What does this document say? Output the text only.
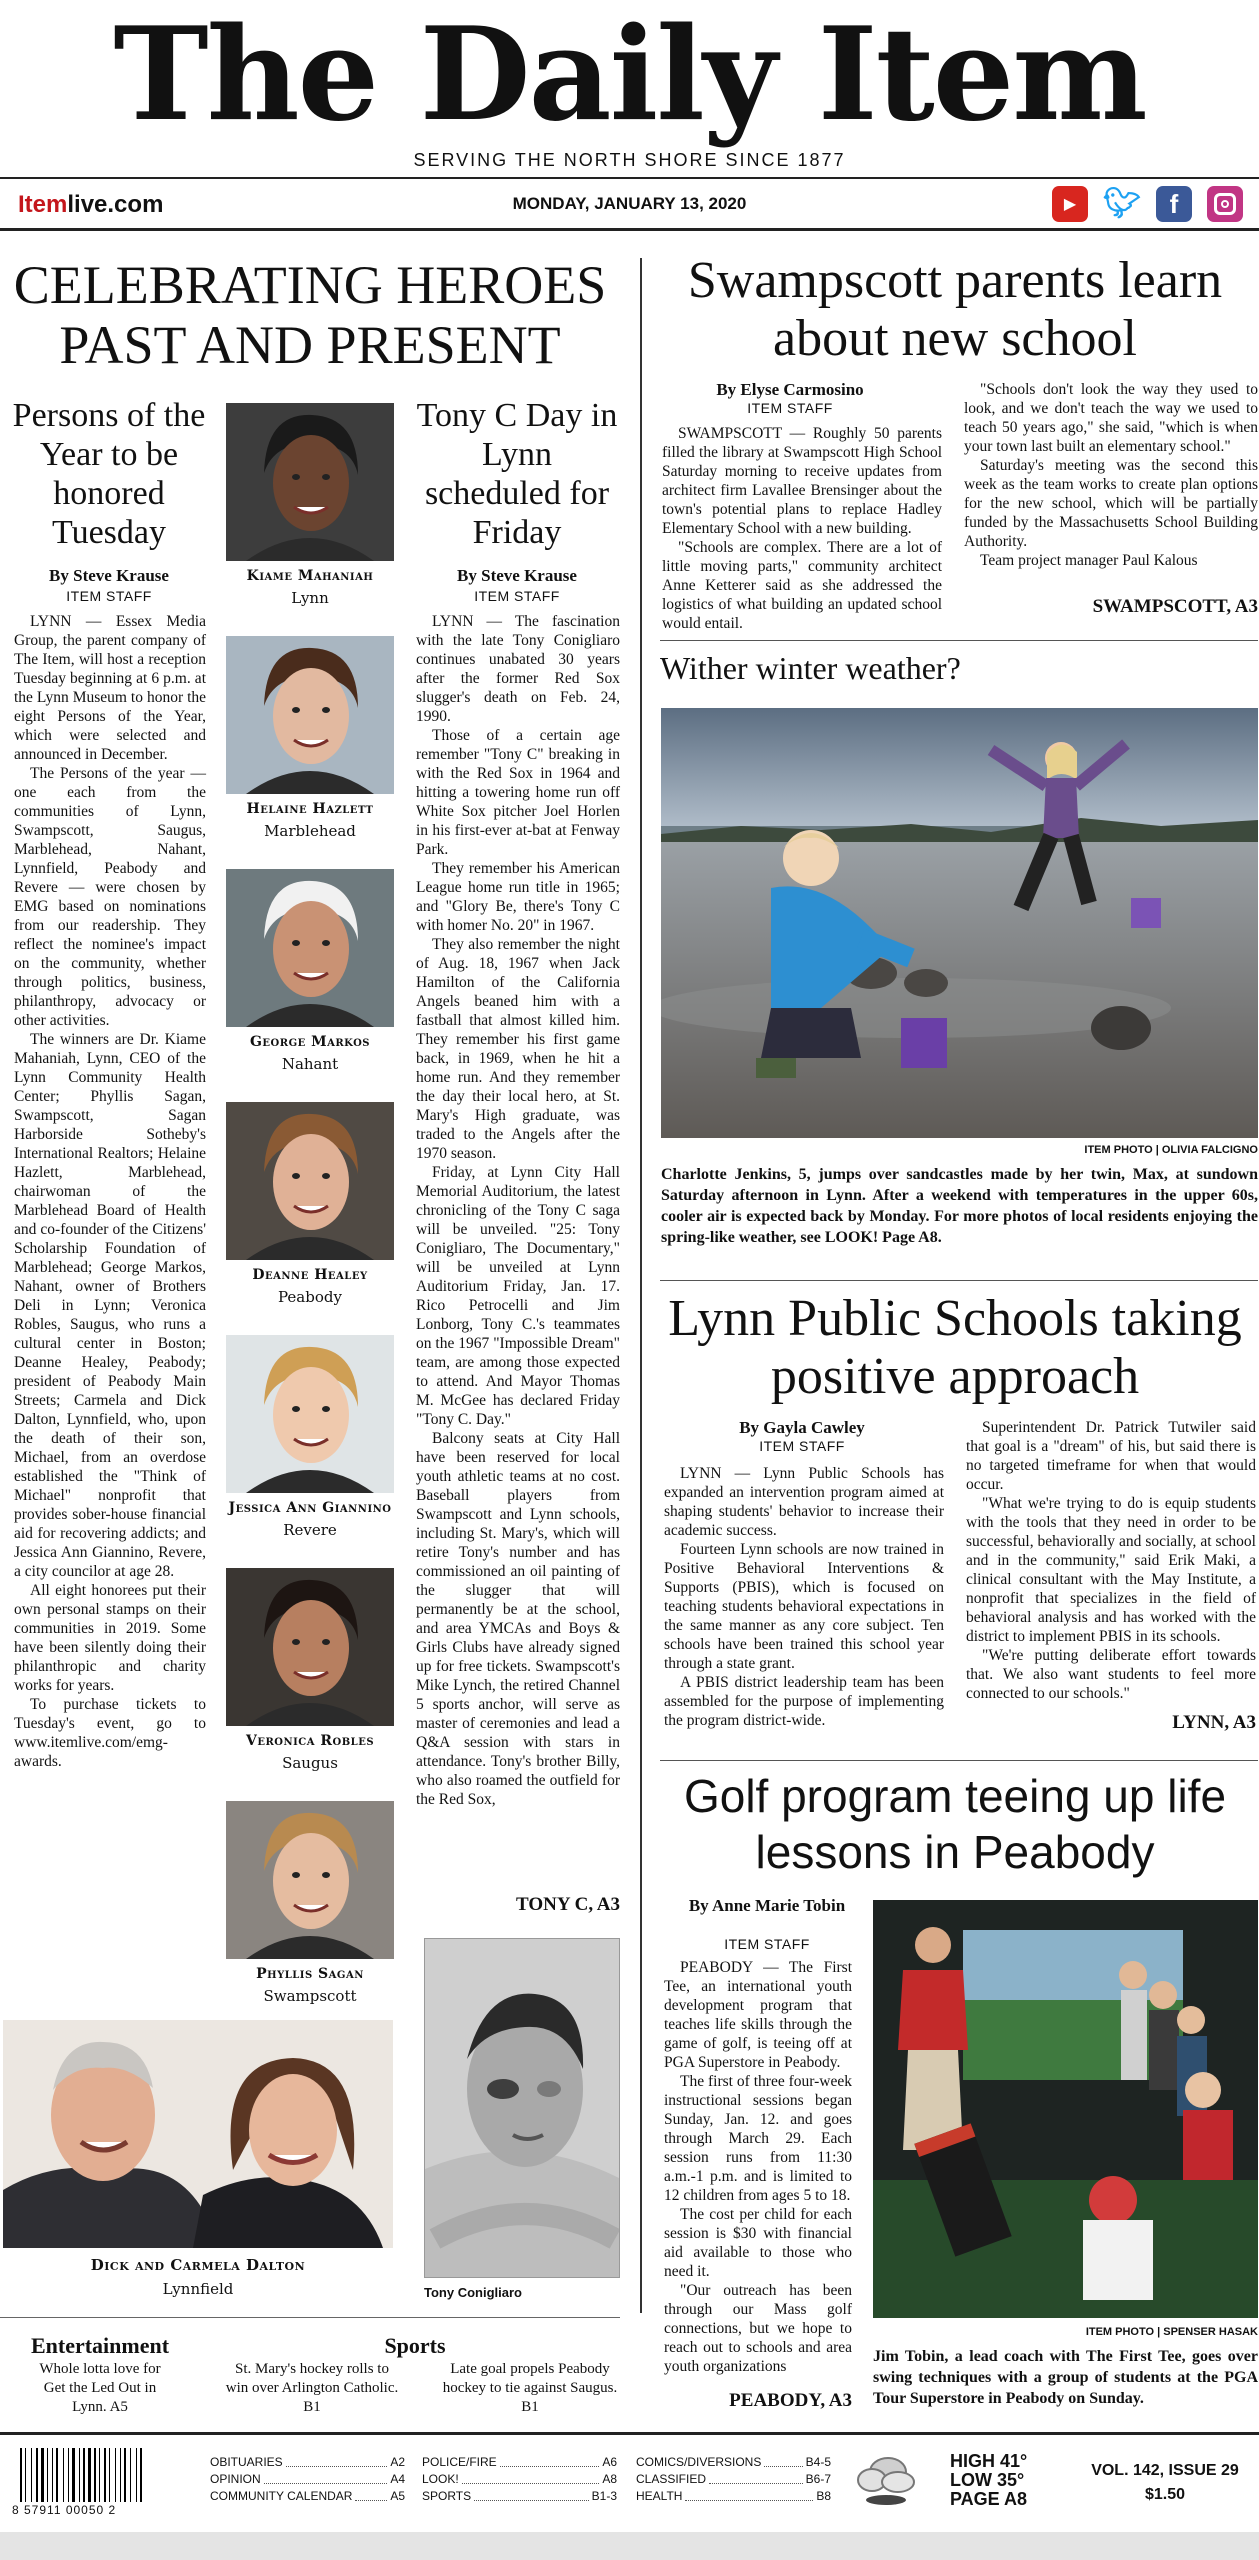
The Daily Item
SERVING THE NORTH SHORE SINCE 1877
Itemlive.com	MONDAY, JANUARY 13, 2020	▶ 🐦︎	f
CELEBRATING HEROES PAST AND PRESENT
Persons of the Year to be honored Tuesday
By Steve Krause
ITEM STAFF

LYNN — Essex Media Group, the parent company of The Item, will host a reception Tuesday beginning at 6 p.m. at the Lynn Museum to honor the eight Persons of the Year, which were selected and announced in December.

The Persons of the year — one each from the communities of Lynn, Swampscott, Saugus, Marblehead, Nahant, Lynnfield, Peabody and Revere — were chosen by EMG based on nominations from our readership. They reflect the nominee's impact on the community, whether through politics, business, philanthropy, advocacy or other activities.

The winners are Dr. Kiame Mahaniah, Lynn, CEO of the Lynn Community Health Center; Phyllis Sagan, Swampscott, Sagan Harborside Sotheby's International Realtors; Helaine Hazlett, Marblehead, chairwoman of the Marblehead Board of Health and co-founder of the Citizens' Scholarship Foundation of Marblehead; George Markos, Nahant, owner of Brothers Deli in Lynn; Veronica Robles, Saugus, who runs a cultural center in Boston; Deanne Healey, Peabody; president of Peabody Main Streets; Carmela and Dick Dalton, Lynnfield, who, upon the death of their son, Michael, from an overdose established the "Think of Michael" nonprofit that provides sober-house financial aid for recovering addicts; and Jessica Ann Giannino, Revere, a city councilor at age 28.

All eight honorees put their own personal stamps on their communities in 2019. Some have been silently doing their philanthropic and charity works for years.

To purchase tickets to Tuesday's event, go to www.itemlive.com/emg-awards.

Kiame Mahaniah
Lynn
Helaine Hazlett
Marblehead
George Markos
Nahant
Deanne Healey
Peabody
Jessica Ann Giannino
Revere
Veronica Robles
Saugus
Phyllis Sagan
Swampscott
Tony C Day in Lynn scheduled for Friday
By Steve Krause
ITEM STAFF

LYNN — The fascination with the late Tony Conigliaro continues unabated 30 years after the former Red Sox slugger's death on Feb. 24, 1990.

Those of a certain age remember "Tony C" breaking in with the Red Sox in 1964 and hitting a towering home run off White Sox pitcher Joel Horlen in his first-ever at-bat at Fenway Park.

They remember his American League home run title in 1965; and "Glory Be, there's Tony C with homer No. 20" in 1967.

They also remember the night of Aug. 18, 1967 when Jack Hamilton of the California Angels beaned him with a fastball that almost killed him. They remember his first game back, in 1969, when he hit a home run. And they remember the day their local hero, at St. Mary's High graduate, was traded to the Angels after the 1970 season.

Friday, at Lynn City Hall Memorial Auditorium, the latest chronicling of the Tony C saga will be unveiled. "25: Tony Conigliaro, The Documentary," will be unveiled at Lynn Auditorium Friday, Jan. 17. Rico Petrocelli and Jim Lonborg, Tony C.'s teammates on the 1967 "Impossible Dream" team, are among those expected to attend. And Mayor Thomas M. McGee has declared Friday "Tony C. Day."

Balcony seats at City Hall have been reserved for local youth athletic teams at no cost. Baseball players from Swampscott and Lynn schools, including St. Mary's, which will retire Tony's number and has commissioned an oil painting of the slugger that will permanently be at the school, and area YMCAs and Boys & Girls Clubs have already signed up for free tickets. Swampscott's Mike Lynch, the retired Channel 5 sports anchor, will serve as master of ceremonies and lead a Q&A session with stars in attendance. Tony's brother Billy, who also roamed the outfield for the Red Sox,

TONY C, A3
Tony Conigliaro
Dick and Carmela Dalton
Lynnfield
Entertainment
Whole lotta love for Get the Led Out in Lynn. A5
Sports
St. Mary's hockey rolls to win over Arlington Catholic. B1
Late goal propels Peabody hockey to tie against Saugus. B1
Swampscott parents learn about new school
By Elyse Carmosino
ITEM STAFF

SWAMPSCOTT — Roughly 50 parents filled the library at Swampscott High School Saturday morning to receive updates from architect firm Lavallee Brensinger about the town's potential plans to replace Hadley Elementary School with a new building.

"Schools are complex. There are a lot of little moving parts," community architect Anne Ketterer said as she addressed the logistics of what building an updated school would entail.

"Schools don't look the way they used to look, and we don't teach the way we used to teach 50 years ago," she said, "which is when your town last built an elementary school."

Saturday's meeting was the second this week as the team works to create plan options for the new school, which will be partially funded by the Massachusetts School Building Authority.

Team project manager Paul Kalous

SWAMPSCOTT, A3
Wither winter weather?
ITEM PHOTO | OLIVIA FALCIGNO
Charlotte Jenkins, 5, jumps over sandcastles made by her twin, Max, at sundown Saturday afternoon in Lynn. After a weekend with temperatures in the upper 60s, cooler air is expected back by Monday. For more photos of local residents enjoying the spring-like weather, see LOOK! Page A8.
Lynn Public Schools taking positive approach
By Gayla Cawley
ITEM STAFF

LYNN — Lynn Public Schools has expanded an intervention program aimed at shaping students' behavior to increase their academic success.

Fourteen Lynn schools are now trained in Positive Behavioral Interventions & Supports (PBIS), which is focused on teaching students behavioral expectations in the same manner as any core subject. Ten schools have been trained this school year through a state grant.

A PBIS district leadership team has been assembled for the purpose of implementing the program district-wide.

Superintendent Dr. Patrick Tutwiler said that goal is a "dream" of his, but said there is no targeted timeframe for when that would occur.

"What we're trying to do is equip students with the tools that they need in order to be successful, behaviorally and socially, at school and in the community," said Erik Maki, a clinical consultant with the May Institute, a nonprofit that specializes in the field of behavioral analysis and has worked with the district to implement PBIS in its schools.

"We're putting deliberate effort towards that. We also want students to feel more connected to our schools."

LYNN, A3
Golf program teeing up life lessons in Peabody
By Anne Marie Tobin
ITEM STAFF

PEABODY — The First Tee, an international youth development program that teaches life skills through the game of golf, is teeing off at PGA Superstore in Peabody.

The first of three four-week instructional sessions began Sunday, Jan. 12. and goes through March 29. Each session runs from 11:30 a.m.-1 p.m. and is limited to 12 children from ages 5 to 18.

The cost per child for each session is $30 with financial aid available to those who need it.

"Our outreach has been through our Mass golf connections, but we hope to reach out to schools and area youth organizations

PEABODY, A3
ITEM PHOTO | SPENSER HASAK
Jim Tobin, a lead coach with The First Tee, goes over swing techniques with a group of students at the PGA Tour Superstore in Peabody on Sunday.
8 57911 00050 2
OBITUARIES	A2
OPINION	A4
COMMUNITY CALENDAR	A5
POLICE/FIRE	A6
LOOK!	A8
SPORTS	B1-3
COMICS/DIVERSIONS	B4-5
CLASSIFIED	B6-7
HEALTH	B8
HIGH 41°
LOW 35°
PAGE A8
VOL. 142, ISSUE 29
$1.50
